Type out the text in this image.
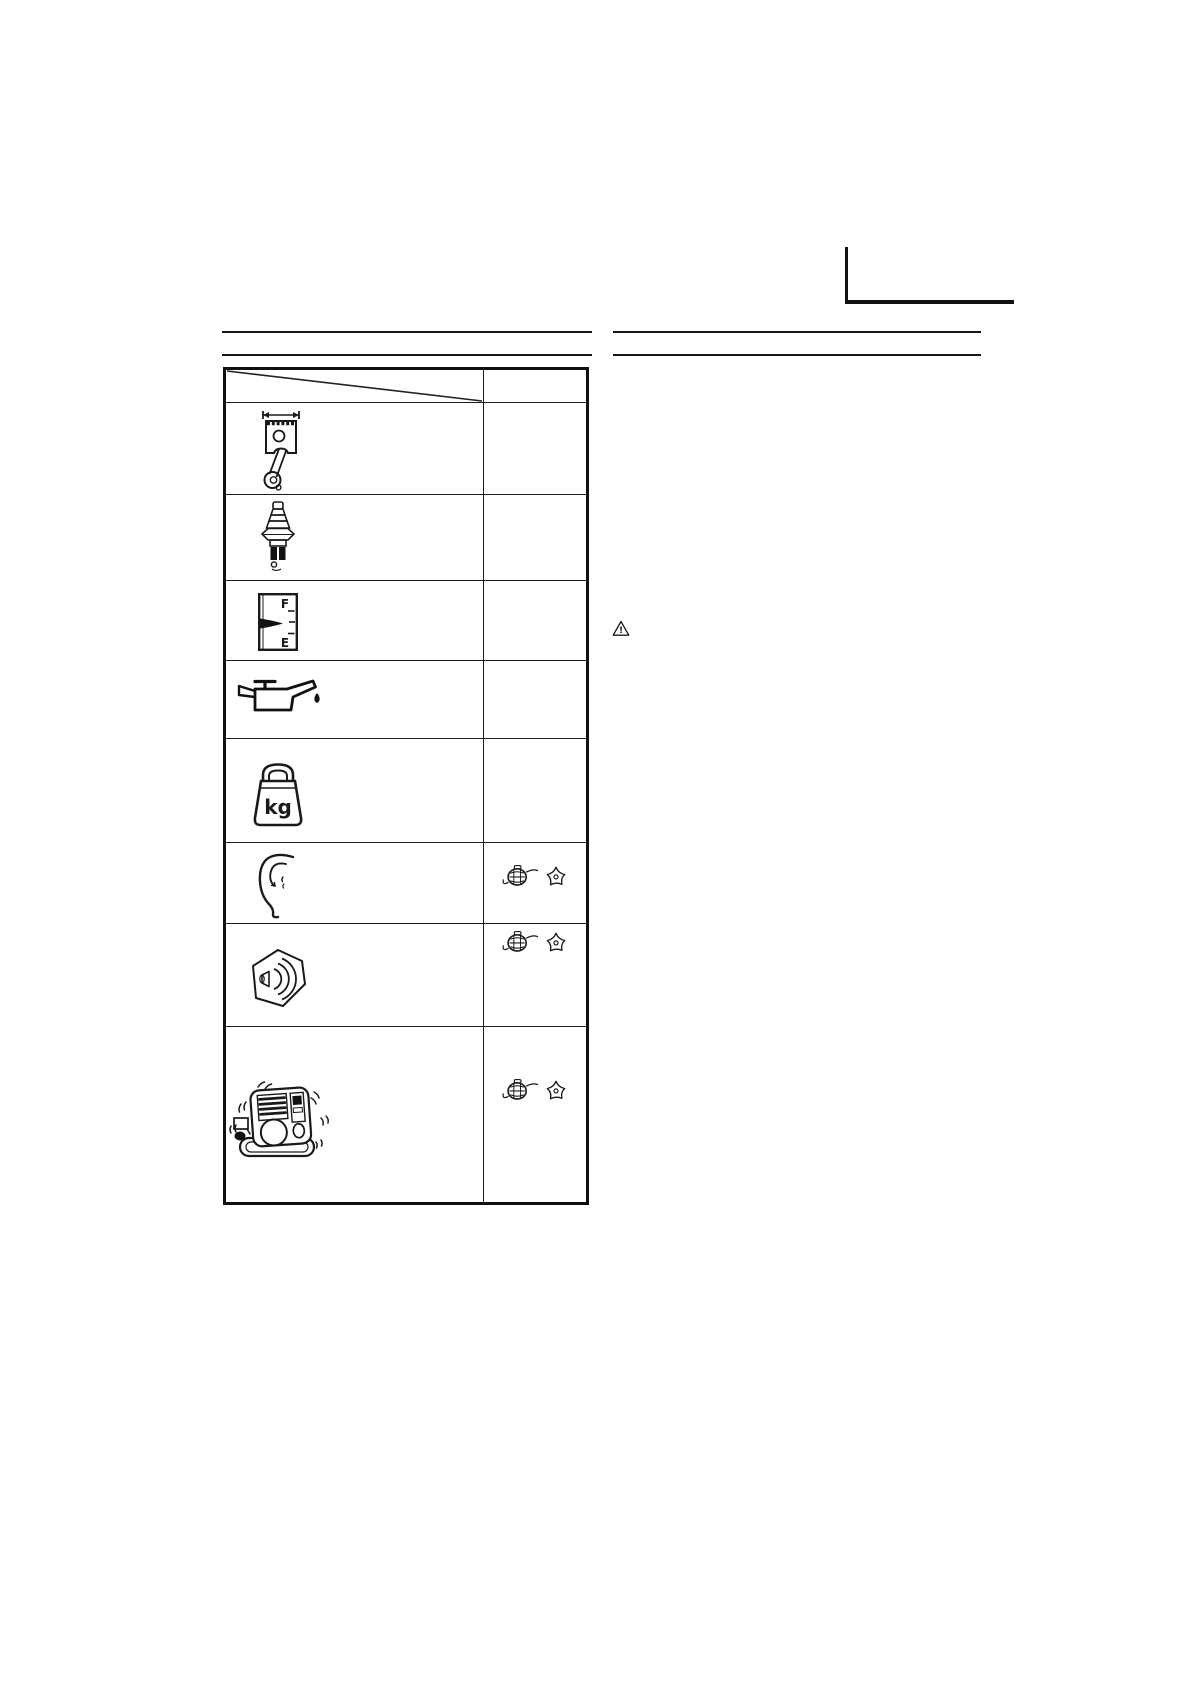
!
F
E
kg
